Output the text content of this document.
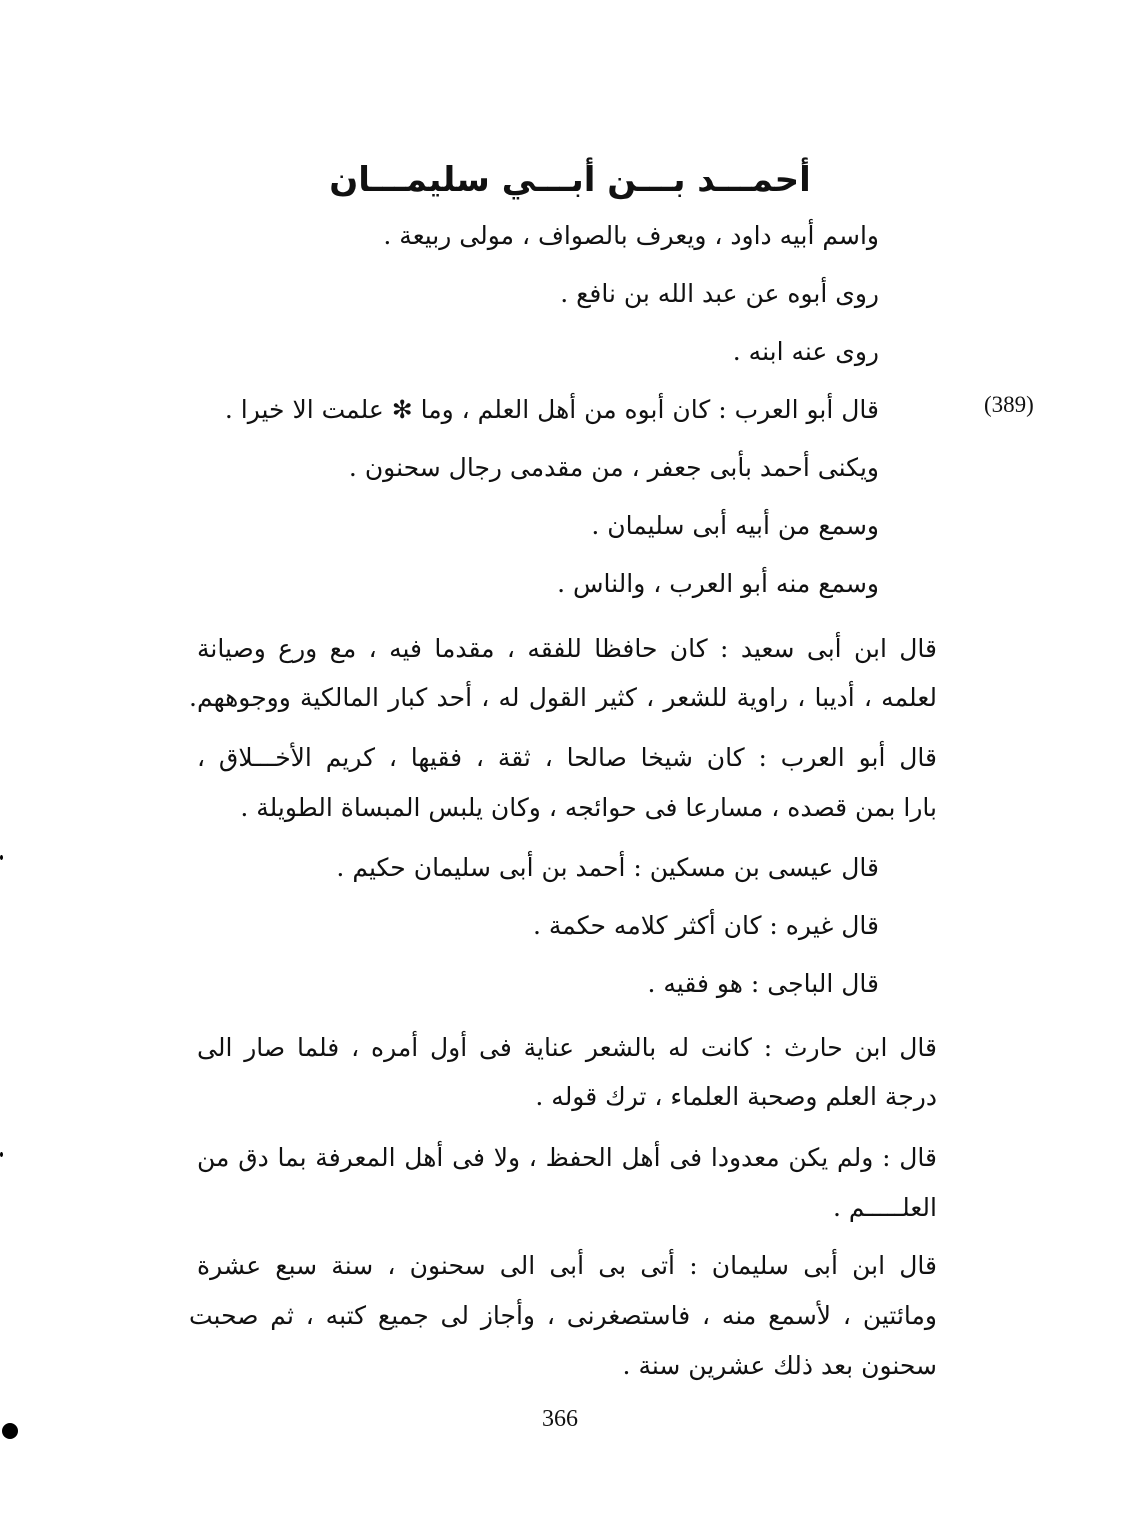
أحمـــد بـــن أبـــي سليمـــان
(389)
واسم أبيه داود ، ويعرف بالصواف ، مولى ربيعة .
روى أبوه عن عبد الله بن نافع .
روى عنه ابنه .
قال أبو العرب : كان أبوه من أهل العلم ، وما ✻ علمت الا خيرا .
ويكنى أحمد بأبى جعفر ، من مقدمى رجال سحنون .
وسمع من أبيه أبى سليمان .
وسمع منه أبو العرب ، والناس .
قال ابن أبى سعيد : كان حافظا للفقه ، مقدما فيه ، مع ورع وصيانة
لعلمه ، أديبا ، راوية للشعر ، كثير القول له ، أحد كبار المالكية ووجوههم.
قال أبو العرب : كان شيخا صالحا ، ثقة ، فقيها ، كريم الأخـــلاق ،
بارا بمن قصده ، مسارعا فى حوائجه ، وكان يلبس المبساة الطويلة .
قال عيسى بن مسكين : أحمد بن أبى سليمان حكيم .
قال غيره : كان أكثر كلامه حكمة .
قال الباجى : هو فقيه .
قال ابن حارث : كانت له بالشعر عناية فى أول أمره ، فلما صار الى
درجة العلم وصحبة العلماء ، ترك قوله .
قال : ولم يكن معدودا فى أهل الحفظ ، ولا فى أهل المعرفة بما دق من
العلـــــم .
قال ابن أبى سليمان : أتى بى أبى الى سحنون ، سنة سبع عشرة
ومائتين ، لأسمع منه ، فاستصغرنى ، وأجاز لى جميع كتبه ، ثم صحبت
سحنون بعد ذلك عشرين سنة .
366
